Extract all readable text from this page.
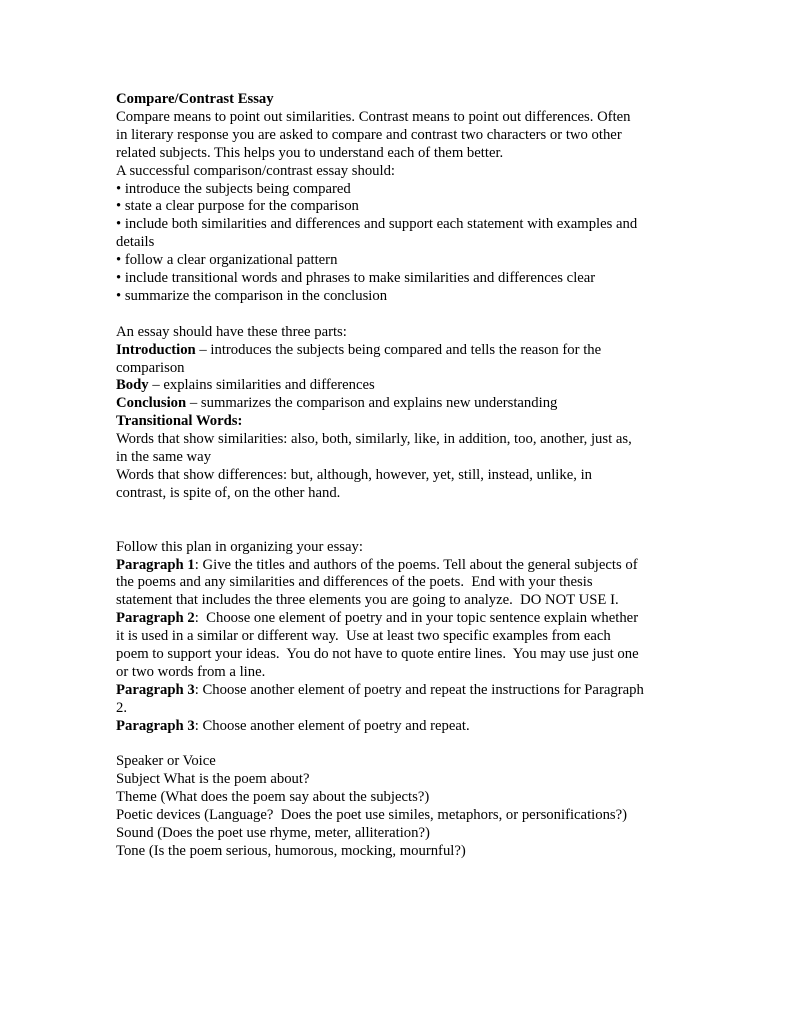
Compare/Contrast Essay
Compare means to point out similarities. Contrast means to point out differences. Often
in literary response you are asked to compare and contrast two characters or two other
related subjects. This helps you to understand each of them better.
A successful comparison/contrast essay should:
• introduce the subjects being compared
• state a clear purpose for the comparison
• include both similarities and differences and support each statement with examples and
details
• follow a clear organizational pattern
• include transitional words and phrases to make similarities and differences clear
• summarize the comparison in the conclusion
An essay should have these three parts:
Introduction – introduces the subjects being compared and tells the reason for the
comparison
Body – explains similarities and differences
Conclusion – summarizes the comparison and explains new understanding
Transitional Words:
Words that show similarities: also, both, similarly, like, in addition, too, another, just as,
in the same way
Words that show differences: but, although, however, yet, still, instead, unlike, in
contrast, is spite of, on the other hand.
Follow this plan in organizing your essay:
Paragraph 1: Give the titles and authors of the poems. Tell about the general subjects of
the poems and any similarities and differences of the poets.  End with your thesis
statement that includes the three elements you are going to analyze.  DO NOT USE I.
Paragraph 2:  Choose one element of poetry and in your topic sentence explain whether
it is used in a similar or different way.  Use at least two specific examples from each
poem to support your ideas.  You do not have to quote entire lines.  You may use just one
or two words from a line.
Paragraph 3: Choose another element of poetry and repeat the instructions for Paragraph
2.
Paragraph 3: Choose another element of poetry and repeat.
Speaker or Voice
Subject What is the poem about?
Theme (What does the poem say about the subjects?)
Poetic devices (Language?  Does the poet use similes, metaphors, or personifications?)
Sound (Does the poet use rhyme, meter, alliteration?)
Tone (Is the poem serious, humorous, mocking, mournful?)
